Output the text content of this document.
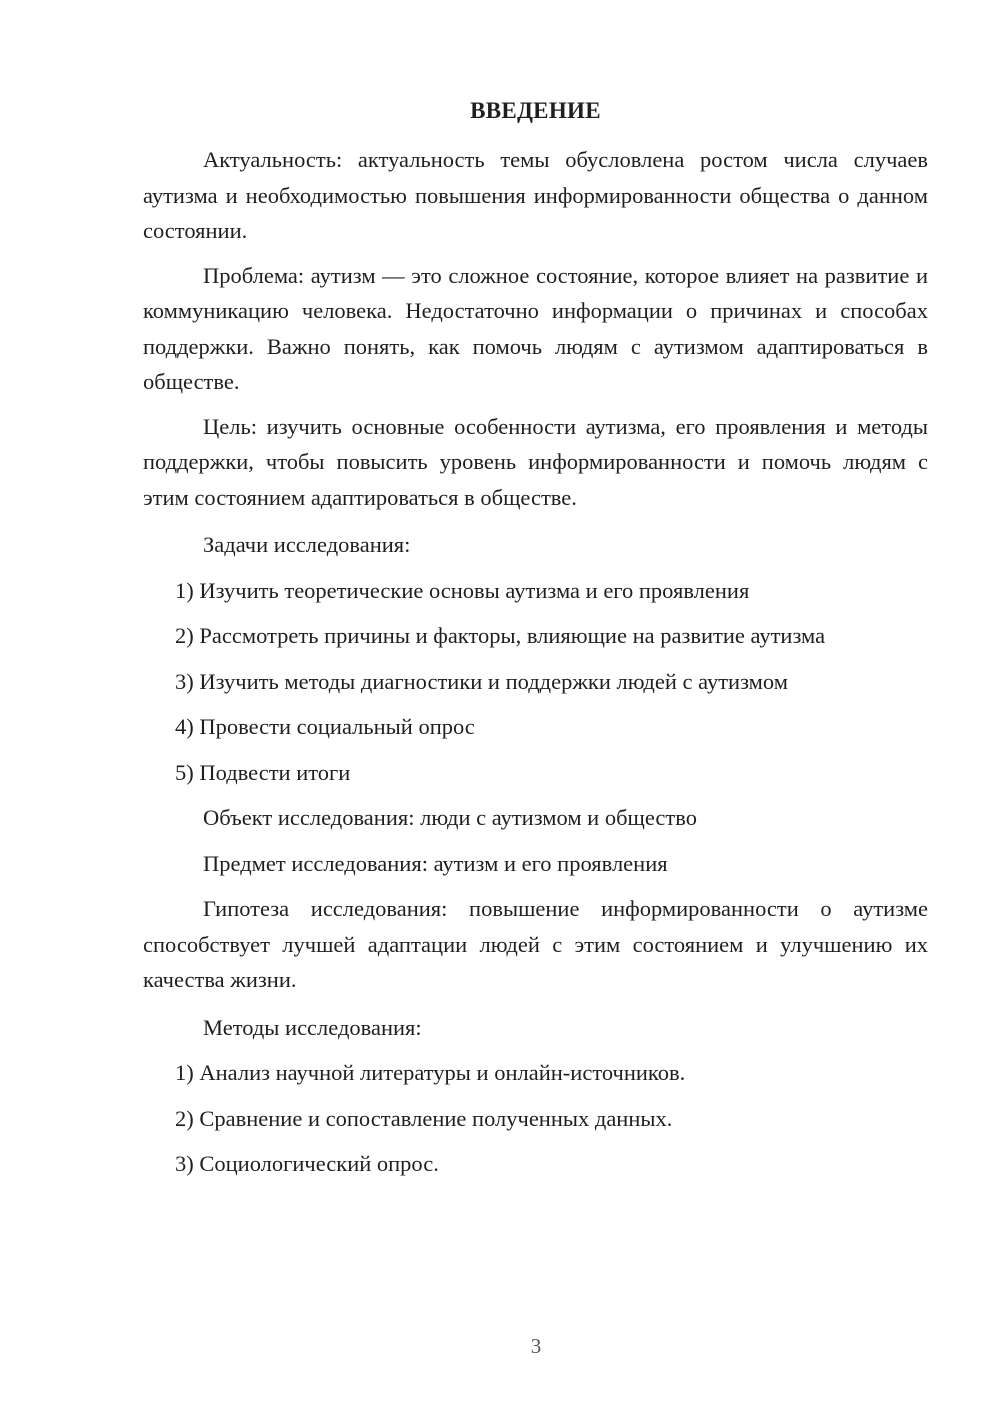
ВВЕДЕНИЕ

Актуальность: актуальность темы обусловлена ростом числа случаев аутизма и необходимостью повышения информированности общества о данном состоянии.

Проблема: аутизм — это сложное состояние, которое влияет на развитие и коммуникацию человека. Недостаточно информации о причинах и способах поддержки. Важно понять, как помочь людям с аутизмом адаптироваться в обществе.

Цель: изучить основные особенности аутизма, его проявления и методы поддержки, чтобы повысить уровень информированности и помочь людям с этим состоянием адаптироваться в обществе.

Задачи исследования:
1) Изучить теоретические основы аутизма и его проявления
2) Рассмотреть причины и факторы, влияющие на развитие аутизма
3) Изучить методы диагностики и поддержки людей с аутизмом
4) Провести социальный опрос
5) Подвести итоги
Объект исследования: люди с аутизмом и общество
Предмет исследования: аутизм и его проявления

Гипотеза исследования: повышение информированности о аутизме способствует лучшей адаптации людей с этим состоянием и улучшению их качества жизни.

Методы исследования:
1) Анализ научной литературы и онлайн-источников.
2) Сравнение и сопоставление полученных данных.
3) Социологический опрос.
3
